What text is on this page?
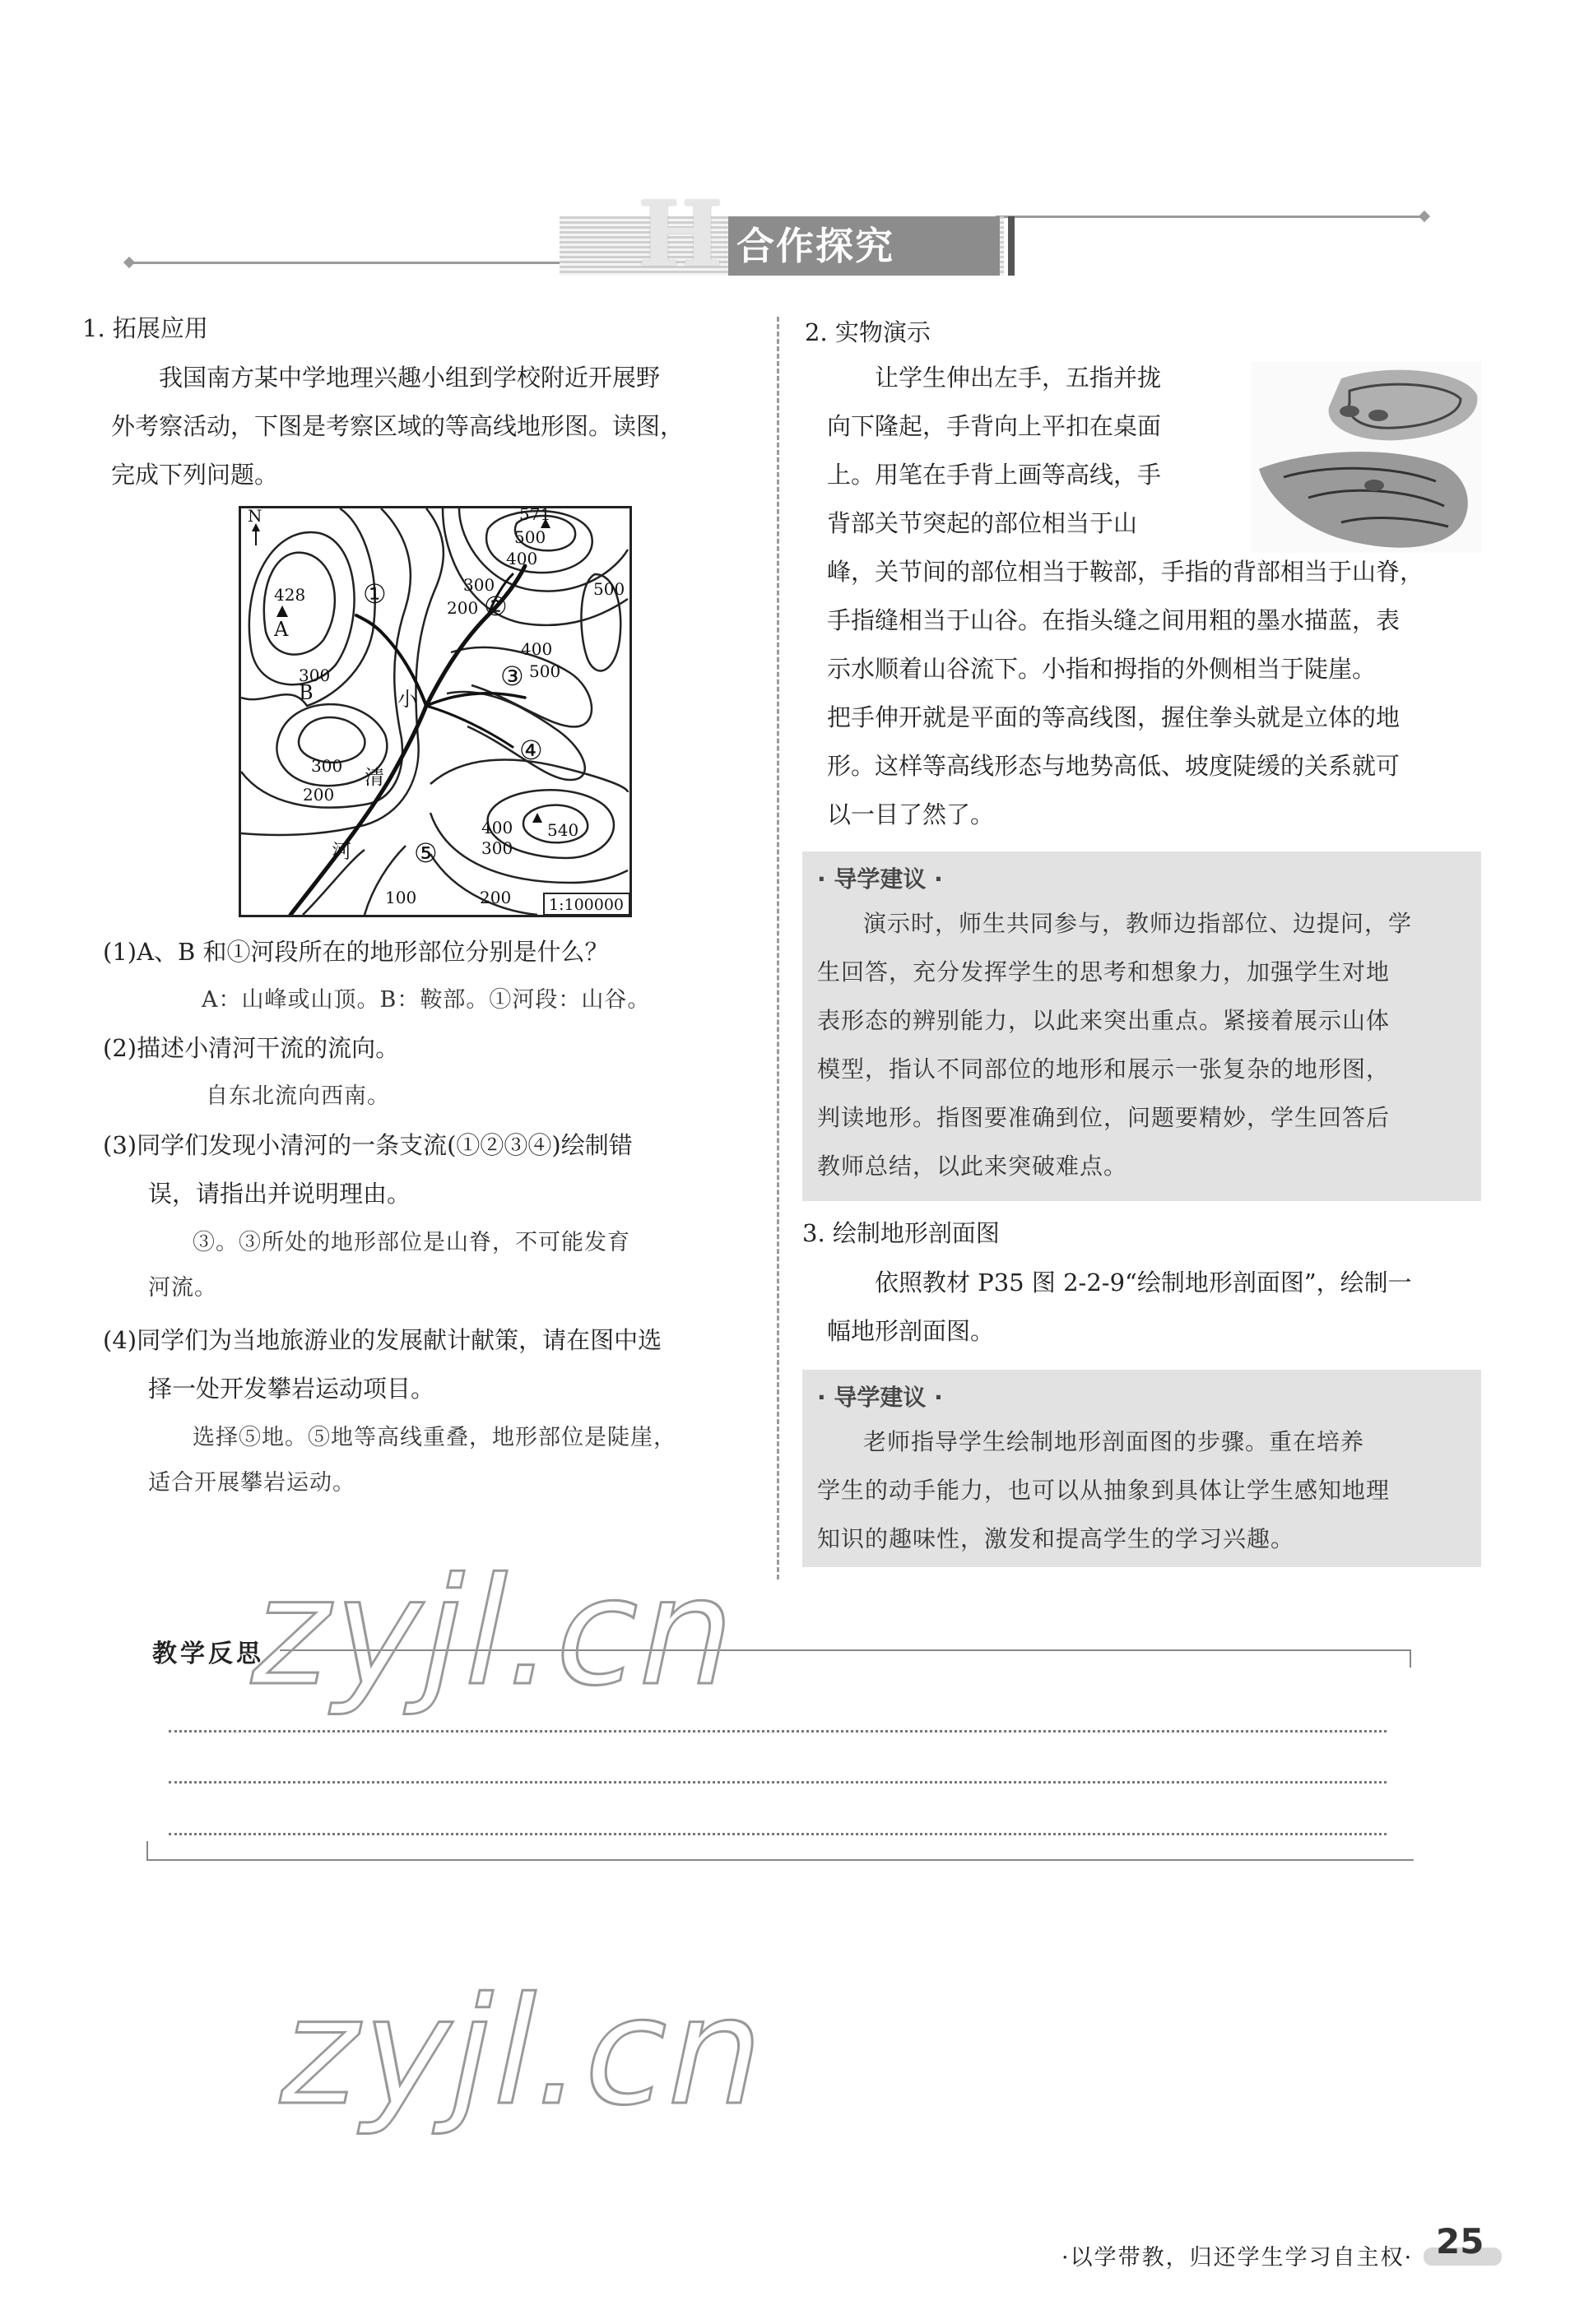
H 合作探究
1. 拓展应用
我国南方某中学地理兴趣小组到学校附近开展野
外考察活动，下图是考察区域的等高线地形图。读图，
完成下列问题。
N
1:100000
428
A
300
B
571
500
400
500
300
200
400
500
300
200
540
400
300
100	200
小
清
河
①	②
③
④
⑤
(1)A、B 和①河段所在的地形部位分别是什么？
A：山峰或山顶。B：鞍部。①河段：山谷。
(2)描述小清河干流的流向。
自东北流向西南。
(3)同学们发现小清河的一条支流(①②③④)绘制错
误，请指出并说明理由。
③。③所处的地形部位是山脊，不可能发育
河流。
(4)同学们为当地旅游业的发展献计献策，请在图中选
择一处开发攀岩运动项目。
选择⑤地。⑤地等高线重叠，地形部位是陡崖，
适合开展攀岩运动。
2. 实物演示
让学生伸出左手，五指并拢
向下隆起，手背向上平扣在桌面
上。用笔在手背上画等高线，手
背部关节突起的部位相当于山
峰，关节间的部位相当于鞍部，手指的背部相当于山脊，
手指缝相当于山谷。在指头缝之间用粗的墨水描蓝，表
示水顺着山谷流下。小指和拇指的外侧相当于陡崖。
把手伸开就是平面的等高线图，握住拳头就是立体的地
形。这样等高线形态与地势高低、坡度陡缓的关系就可
以一目了然了。
· 导学建议 ·
演示时，师生共同参与，教师边指部位、边提问，学
生回答，充分发挥学生的思考和想象力，加强学生对地
表形态的辨别能力，以此来突出重点。紧接着展示山体
模型，指认不同部位的地形和展示一张复杂的地形图，
判读地形。指图要准确到位，问题要精妙，学生回答后
教师总结，以此来突破难点。
3. 绘制地形剖面图
依照教材 P35 图 2-2-9“绘制地形剖面图”，绘制一
幅地形剖面图。
· 导学建议 ·
老师指导学生绘制地形剖面图的步骤。重在培养
学生的动手能力，也可以从抽象到具体让学生感知地理
知识的趣味性，激发和提高学生的学习兴趣。
教学反思
zyjl.cn
zyjl.cn
·以学带教，归还学生学习自主权· 25
